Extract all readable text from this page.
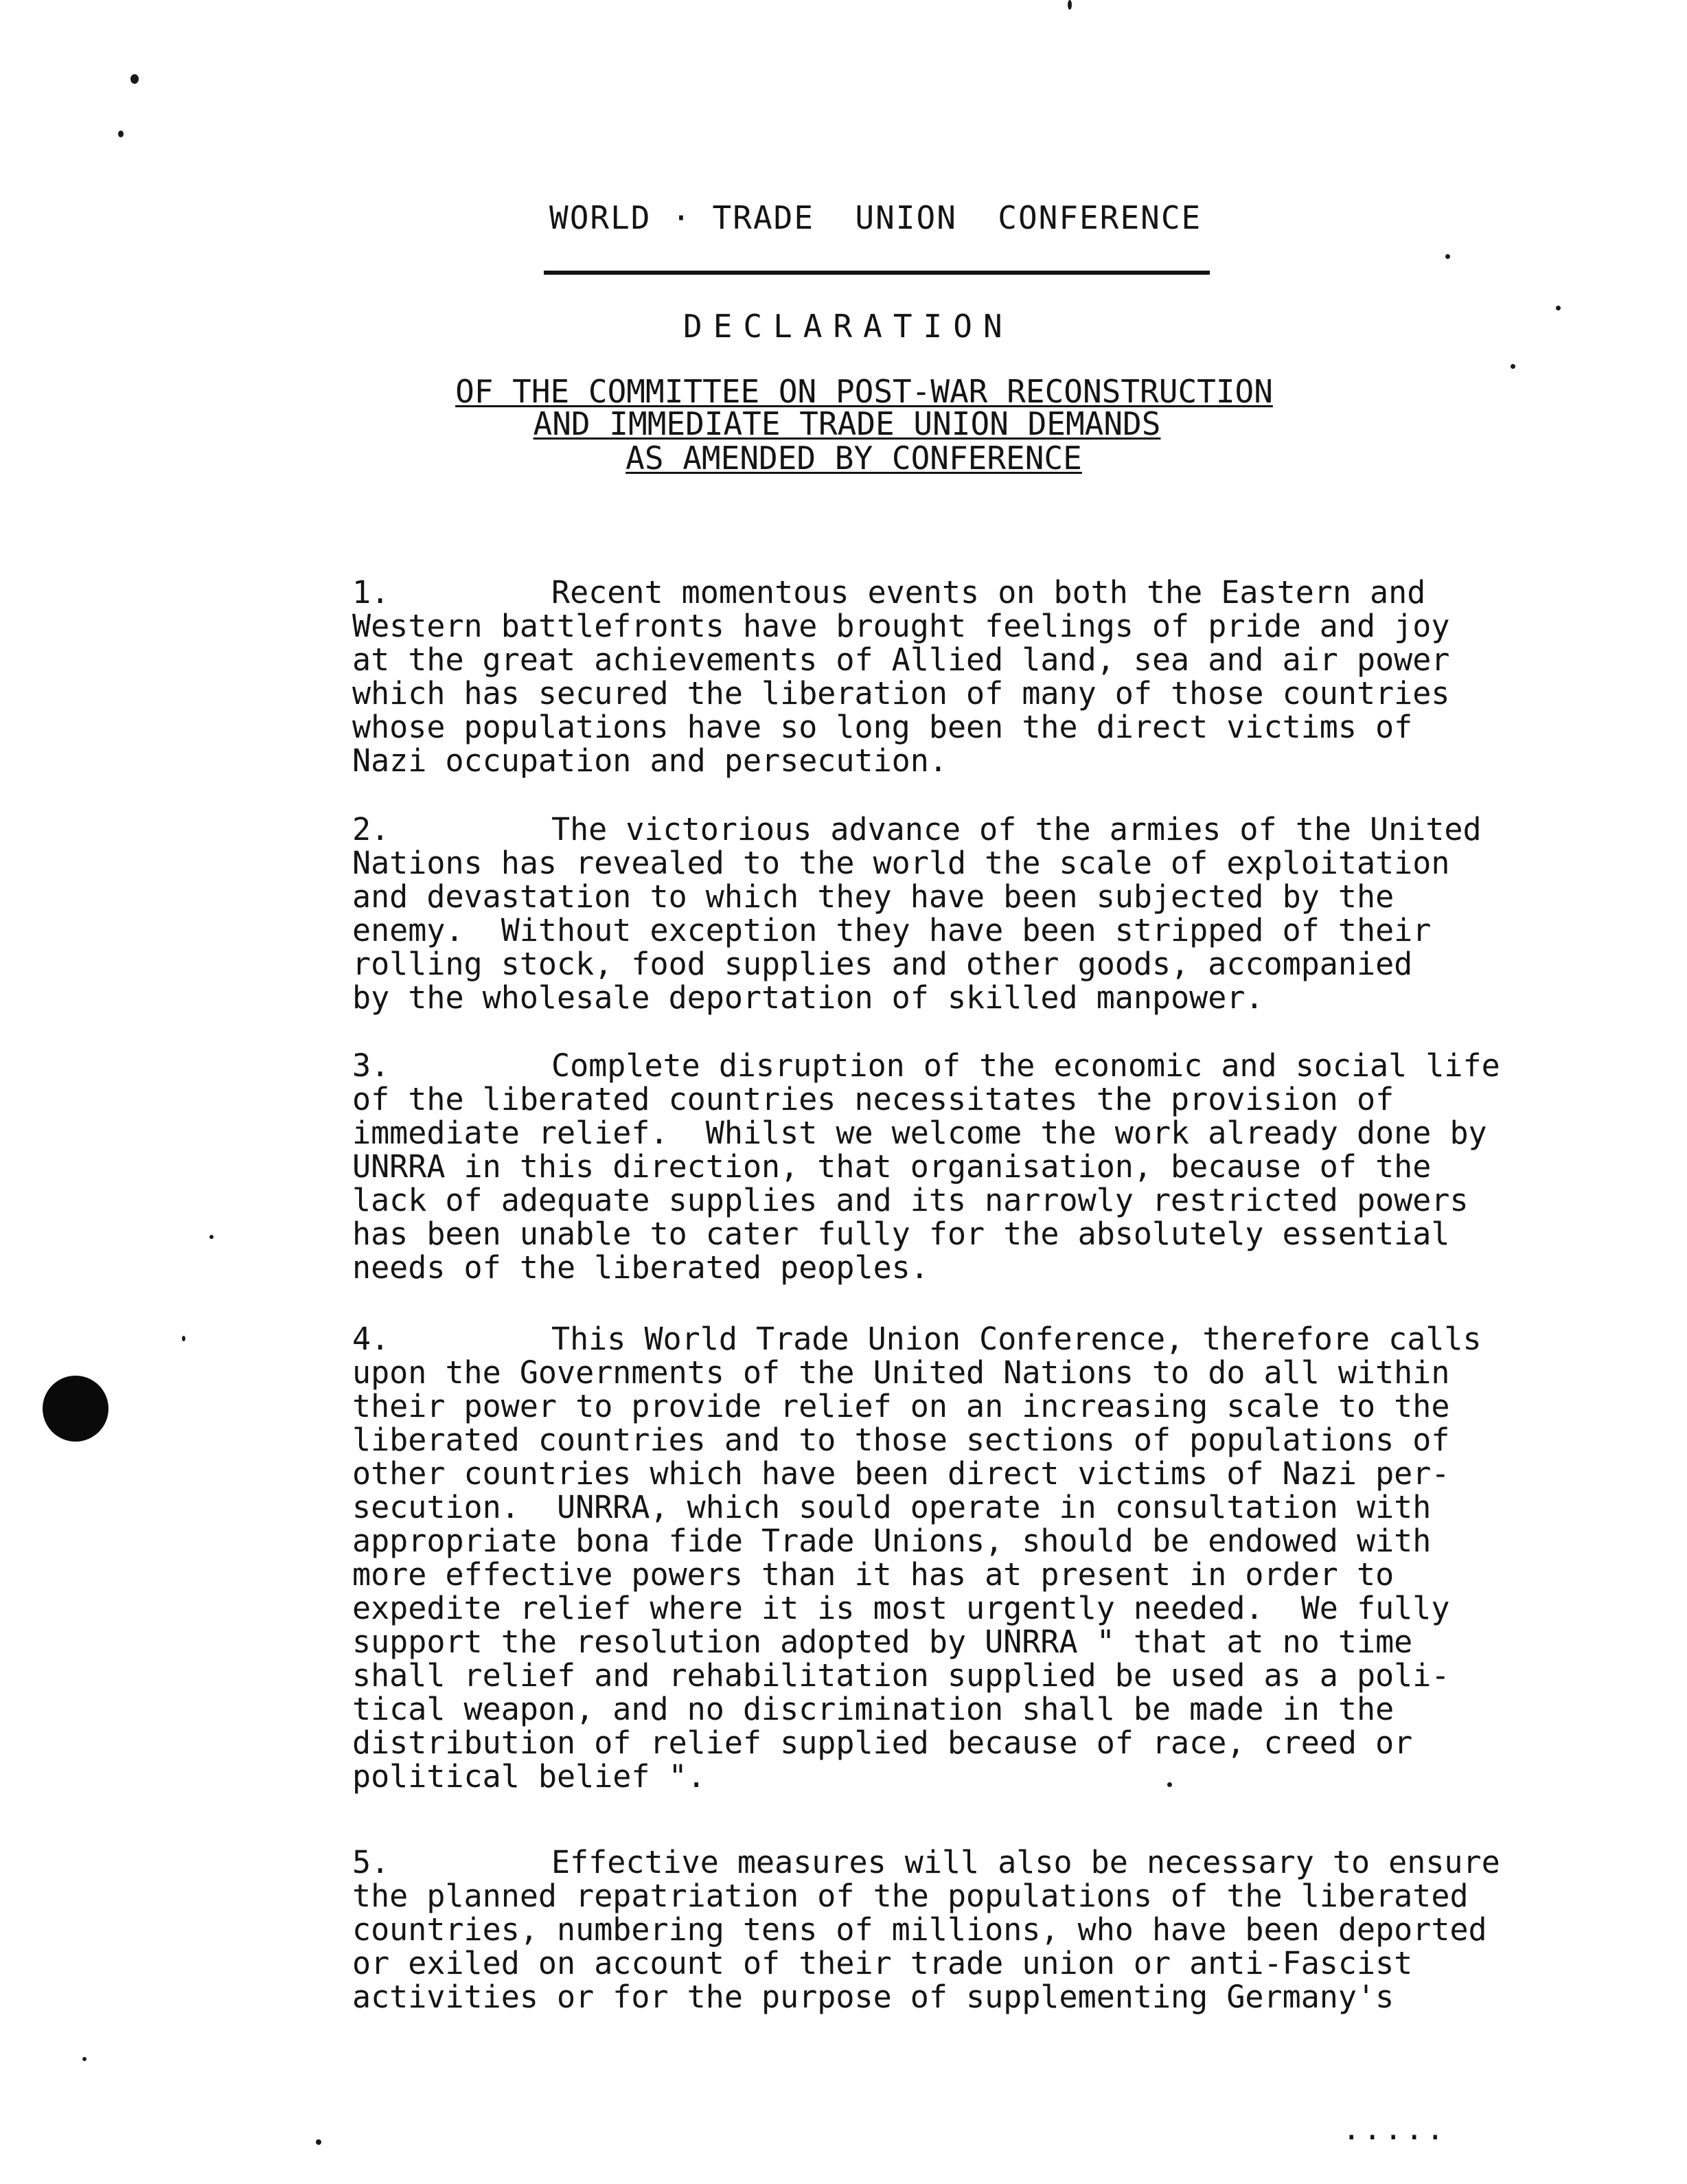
WORLD · TRADE  UNION  CONFERENCE
DECLARATION
OF THE COMMITTEE ON POST-WAR RECONSTRUCTION
AND IMMEDIATE TRADE UNION DEMANDS
AS AMENDED BY CONFERENCE
1.	Recent momentous events on both the Eastern and
Western battlefronts have brought feelings of pride and joy
at the great achievements of Allied land, sea and air power
which has secured the liberation of many of those countries
whose populations have so long been the direct victims of
Nazi occupation and persecution.
2.	The victorious advance of the armies of the United
Nations has revealed to the world the scale of exploitation
and devastation to which they have been subjected by the
enemy.  Without exception they have been stripped of their
rolling stock, food supplies and other goods, accompanied
by the wholesale deportation of skilled manpower.
3.	Complete disruption of the economic and social life
of the liberated countries necessitates the provision of
immediate relief.  Whilst we welcome the work already done by
UNRRA in this direction, that organisation, because of the
lack of adequate supplies and its narrowly restricted powers
has been unable to cater fully for the absolutely essential
needs of the liberated peoples.
4.	This World Trade Union Conference, therefore calls
upon the Governments of the United Nations to do all within
their power to provide relief on an increasing scale to the
liberated countries and to those sections of populations of
other countries which have been direct victims of Nazi per-
secution.  UNRRA, which sould operate in consultation with
appropriate bona fide Trade Unions, should be endowed with
more effective powers than it has at present in order to
expedite relief where it is most urgently needed.  We fully
support the resolution adopted by UNRRA " that at no time
shall relief and rehabilitation supplied be used as a poli-
tical weapon, and no discrimination shall be made in the
distribution of relief supplied because of race, creed or
political belief ".
5.	Effective measures will also be necessary to ensure
the planned repatriation of the populations of the liberated
countries, numbering tens of millions, who have been deported
or exiled on account of their trade union or anti-Fascist
activities or for the purpose of supplementing Germany's
.....
